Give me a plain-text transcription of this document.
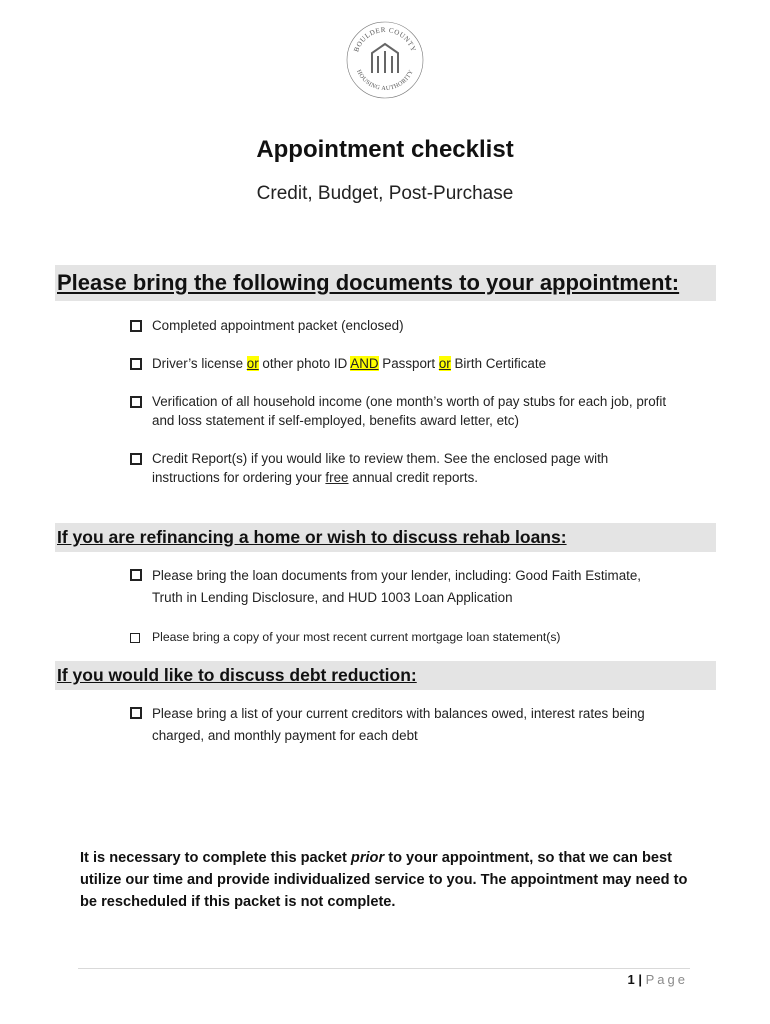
BOULDER COUNTY
HOUSING AUTHORITY
Appointment checklist
Credit, Budget, Post-Purchase
Please bring the following documents to your appointment:
Completed appointment packet (enclosed)
Driver’s license or other photo ID AND Passport or Birth Certificate
Verification of all household income (one month’s worth of pay stubs for each job, profit and loss statement if self-employed, benefits award letter, etc)
Credit Report(s) if you would like to review them. See the enclosed page with instructions for ordering your free annual credit reports.
If you are refinancing a home or wish to discuss rehab loans:
Please bring the loan documents from your lender, including: Good Faith Estimate, Truth in Lending Disclosure, and HUD 1003 Loan Application
Please bring a copy of your most recent current mortgage loan statement(s)
If you would like to discuss debt reduction:
Please bring a list of your current creditors with balances owed, interest rates being charged, and monthly payment for each debt
It is necessary to complete this packet prior to your appointment, so that we can best utilize our time and provide individualized service to you. The appointment may need to be rescheduled if this packet is not complete.
1 | Page
